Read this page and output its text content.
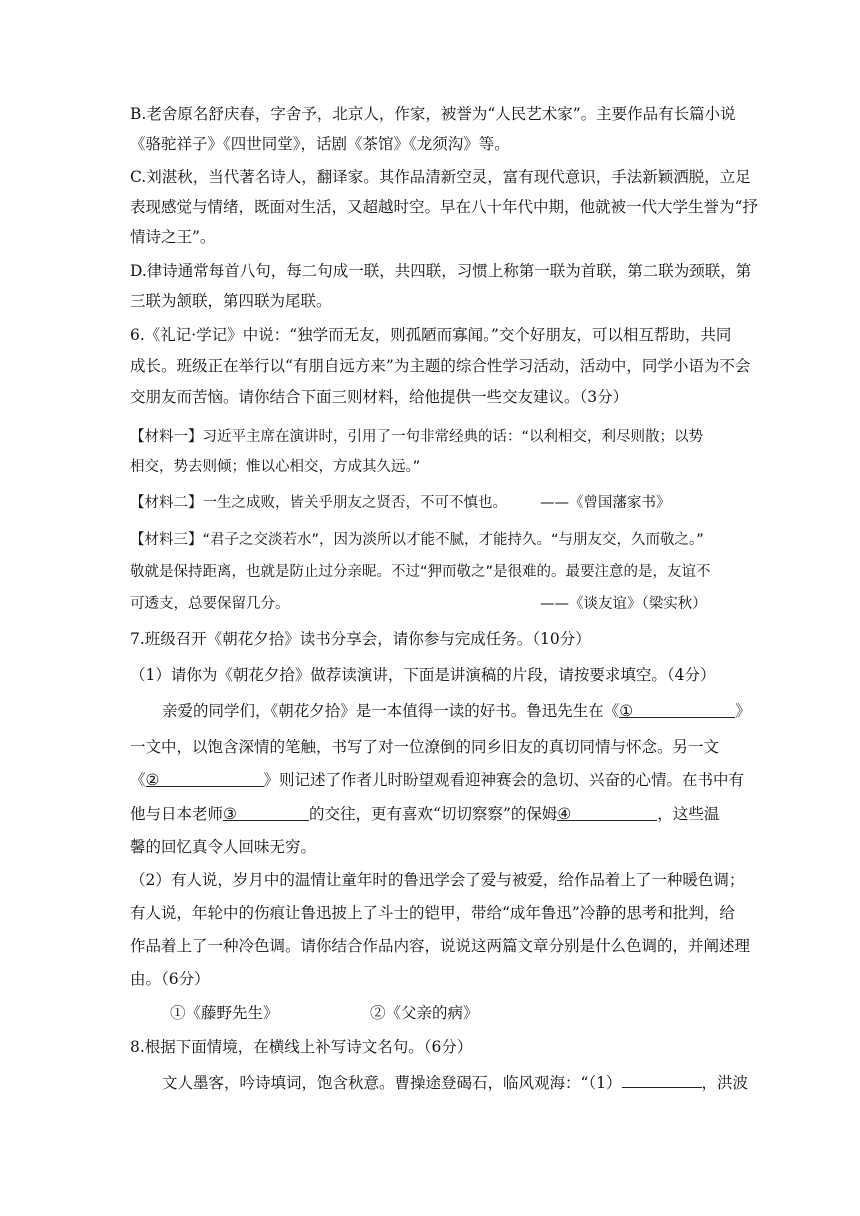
B.老舍原名舒庆春，字舍予，北京人，作家，被誉为“人民艺术家”。主要作品有长篇小说
《骆驼祥子》《四世同堂》，话剧《茶馆》《龙须沟》等。
C.刘湛秋，当代著名诗人，翻译家。其作品清新空灵，富有现代意识，手法新颖洒脱，立足
表现感觉与情绪，既面对生活，又超越时空。早在八十年代中期，他就被一代大学生誉为“抒
情诗之王”。
D.律诗通常每首八句，每二句成一联，共四联，习惯上称第一联为首联，第二联为颈联，第
三联为颔联，第四联为尾联。
6.《礼记·学记》中说：“独学而无友，则孤陋而寡闻。”交个好朋友，可以相互帮助，共同
成长。班级正在举行以“有朋自远方来”为主题的综合性学习活动，活动中，同学小语为不会
交朋友而苦恼。请你结合下面三则材料，给他提供一些交友建议。（3分）
【材料一】习近平主席在演讲时，引用了一句非常经典的话：“以利相交，利尽则散；以势
相交，势去则倾；惟以心相交，方成其久远。”
【材料二】一生之成败，皆关乎朋友之贤否，不可不慎也。 ——《曾国藩家书》
【材料三】“君子之交淡若水”，因为淡所以才能不腻，才能持久。“与朋友交，久而敬之。”
敬就是保持距离，也就是防止过分亲昵。不过“狎而敬之”是很难的。最要注意的是，友谊不
可透支，总要保留几分。	——《谈友谊》（梁实秋）
7.班级召开《朝花夕拾》读书分享会，请你参与完成任务。（10分）
（1）请你为《朝花夕拾》做荐读演讲，下面是讲演稿的片段，请按要求填空。（4分）
亲爱的同学们，《朝花夕拾》是一本值得一读的好书。鲁迅先生在《①	》
一文中，以饱含深情的笔触，书写了对一位潦倒的同乡旧友的真切同情与怀念。另一文
《②	》则记述了作者儿时盼望观看迎神赛会的急切、兴奋的心情。在书中有
他与日本老师③	的交往，更有喜欢“切切察察”的保姆④	，这些温
馨的回忆真令人回味无穷。
（2）有人说，岁月中的温情让童年时的鲁迅学会了爱与被爱，给作品着上了一种暖色调；
有人说，年轮中的伤痕让鲁迅披上了斗士的铠甲，带给“成年鲁迅”冷静的思考和批判，给
作品着上了一种冷色调。请你结合作品内容，说说这两篇文章分别是什么色调的，并阐述理
由。（6分）
①《藤野先生》	②《父亲的病》
8.根据下面情境，在横线上补写诗文名句。（6分）
文人墨客，吟诗填词，饱含秋意。曹操途登碣石，临风观海：“（1）	，洪波
